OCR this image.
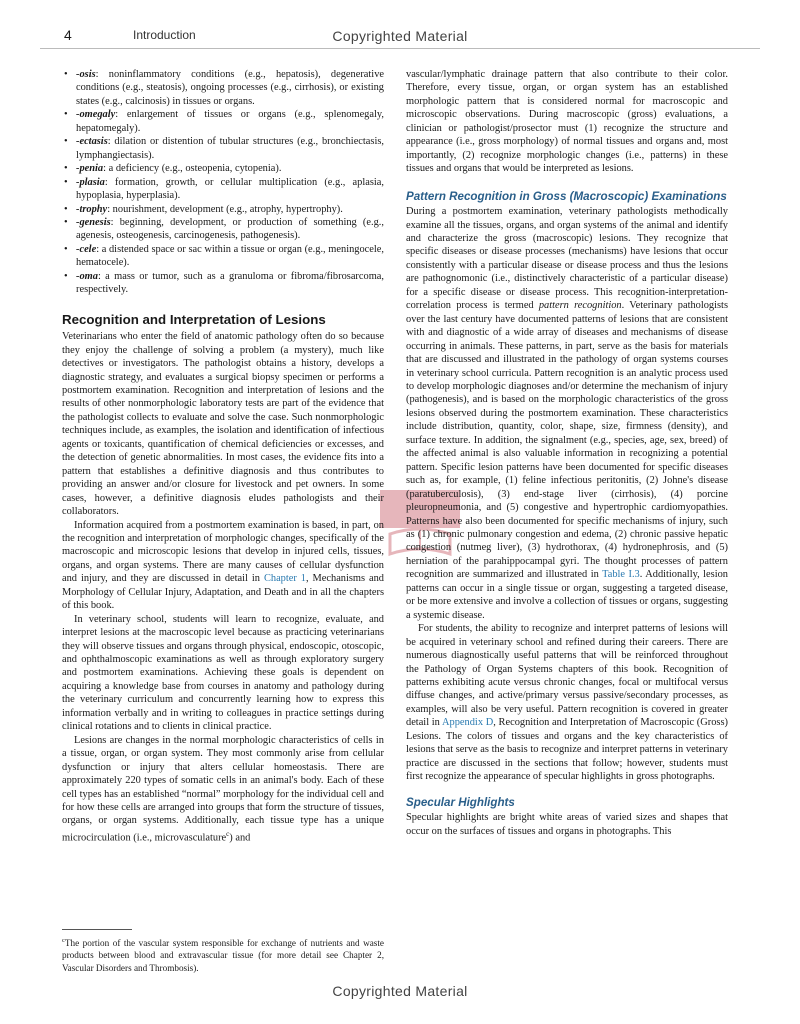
4	Introduction	Copyrighted Material
• -osis: noninflammatory conditions (e.g., hepatosis), degenerative conditions (e.g., steatosis), ongoing processes (e.g., cirrhosis), or existing states (e.g., calcinosis) in tissues or organs.
• -omegaly: enlargement of tissues or organs (e.g., splenomegaly, hepatomegaly).
• -ectasis: dilation or distention of tubular structures (e.g., bronchiectasis, lymphangiectasis).
• -penia: a deficiency (e.g., osteopenia, cytopenia).
• -plasia: formation, growth, or cellular multiplication (e.g., aplasia, hypoplasia, hyperplasia).
• -trophy: nourishment, development (e.g., atrophy, hypertrophy).
• -genesis: beginning, development, or production of something (e.g., agenesis, osteogenesis, carcinogenesis, pathogenesis).
• -cele: a distended space or sac within a tissue or organ (e.g., meningocele, hematocele).
• -oma: a mass or tumor, such as a granuloma or fibroma/fibrosarcoma, respectively.
Recognition and Interpretation of Lesions

Veterinarians who enter the field of anatomic pathology often do so because they enjoy the challenge of solving a problem (a mystery), much like detectives or investigators. The pathologist obtains a history, develops a diagnostic strategy, and evaluates a surgical biopsy specimen or performs a postmortem examination. Recognition and interpretation of lesions and the results of other nonmorphologic laboratory tests are part of the evidence that the pathologist collects to evaluate and solve the case. Such nonmorphologic techniques include, as examples, the isolation and identification of infectious agents or toxicants, quantification of chemical deficiencies or excesses, and the detection of genetic abnormalities. In most cases, the evidence fits into a pattern that establishes a definitive diagnosis and thus contributes to providing an answer and/or closure for livestock and pet owners. In some cases, however, a definitive diagnosis eludes pathologists and their collaborators.

Information acquired from a postmortem examination is based, in part, on the recognition and interpretation of morphologic changes, specifically of the macroscopic and microscopic lesions that develop in injured cells, tissues, organs, and organ systems. There are many causes of cellular dysfunction and injury, and they are discussed in detail in Chapter 1, Mechanisms and Morphology of Cellular Injury, Adaptation, and Death and in all the chapters of this book.

In veterinary school, students will learn to recognize, evaluate, and interpret lesions at the macroscopic level because as practicing veterinarians they will observe tissues and organs through physical, endoscopic, otoscopic, and ophthalmoscopic examinations as well as through exploratory surgery and postmortem examinations. Achieving these goals is dependent on acquiring a knowledge base from courses in anatomy and pathology during the veterinary curriculum and concurrently learning how to express this information verbally and in writing to colleagues in practice settings during clinical rotations and to clients in clinical practice.

Lesions are changes in the normal morphologic characteristics of cells in a tissue, organ, or organ system. They most commonly arise from cellular dysfunction or injury that alters cellular homeostasis. There are approximately 220 types of somatic cells in an animal's body. Each of these cell types has an established “normal” morphology for the individual cell and for how these cells are arranged into groups that form the structure of tissues, organs, or organ systems. Additionally, each tissue type has a unique microcirculation (i.e., microvasculature$^c$) and

$^c$The portion of the vascular system responsible for exchange of nutrients and waste products between blood and extravascular tissue (for more detail see Chapter 2, Vascular Disorders and Thrombosis).

vascular/lymphatic drainage pattern that also contribute to their color. Therefore, every tissue, organ, or organ system has an established morphologic pattern that is considered normal for macroscopic and microscopic observations. During macroscopic (gross) evaluations, a clinician or pathologist/prosector must (1) recognize the structure and appearance (i.e., gross morphology) of normal tissues and organs and, most importantly, (2) recognize morphologic changes (i.e., patterns) in these tissues and organs that would be interpreted as lesions.

Pattern Recognition in Gross (Macroscopic) Examinations

During a postmortem examination, veterinary pathologists methodically examine all the tissues, organs, and organ systems of the animal and identify and characterize the gross (macroscopic) lesions. They recognize that specific diseases or disease processes (mechanisms) have lesions that occur consistently with a particular disease or disease process and thus the lesions are pathognomonic (i.e., distinctively characteristic of a particular disease) for a specific disease or disease process. This recognition-interpretation-correlation process is termed pattern recognition. Veterinary pathologists over the last century have documented patterns of lesions that are consistent with and diagnostic of a wide array of diseases and mechanisms of disease occurring in animals. These patterns, in part, serve as the basis for materials that are discussed and illustrated in the pathology of organ systems courses in veterinary school curricula. Pattern recognition is an analytic process used to develop morphologic diagnoses and/or determine the mechanism of injury (pathogenesis), and is based on the morphologic characteristics of the gross lesions observed during the postmortem examination. These characteristics include distribution, quantity, color, shape, size, firmness (density), and surface texture. In addition, the signalment (e.g., species, age, sex, breed) of the affected animal is also valuable information in recognizing a potential pattern. Specific lesion patterns have been documented for specific diseases such as, for example, (1) feline infectious peritonitis, (2) Johne's disease (paratuberculosis), (3) end-stage liver (cirrhosis), (4) porcine pleuropneumonia, and (5) congestive and hypertrophic cardiomyopathies. Patterns have also been documented for specific mechanisms of injury, such as (1) chronic pulmonary congestion and edema, (2) chronic passive hepatic congestion (nutmeg liver), (3) hydrothorax, (4) hydronephrosis, and (5) herniation of the parahippocampal gyri. The thought processes of pattern recognition are summarized and illustrated in Table I.3. Additionally, lesion patterns can occur in a single tissue or organ, suggesting a targeted disease, or be more extensive and involve a collection of tissues or organs, suggesting a systemic disease.

For students, the ability to recognize and interpret patterns of lesions will be acquired in veterinary school and refined during their careers. There are numerous diagnostically useful patterns that will be reinforced throughout the Pathology of Organ Systems chapters of this book. Recognition of patterns exhibiting acute versus chronic changes, focal or multifocal versus diffuse changes, and active/primary versus passive/secondary processes, as examples, will also be very useful. Pattern recognition is covered in greater detail in Appendix D, Recognition and Interpretation of Macroscopic (Gross) Lesions. The colors of tissues and organs and the key characteristics of lesions that serve as the basis to recognize and interpret patterns in veterinary practice are discussed in the sections that follow; however, students must first recognize the appearance of specular highlights in gross photographs.

Specular Highlights

Specular highlights are bright white areas of varied sizes and shapes that occur on the surfaces of tissues and organs in photographs. This

Copyrighted Material
